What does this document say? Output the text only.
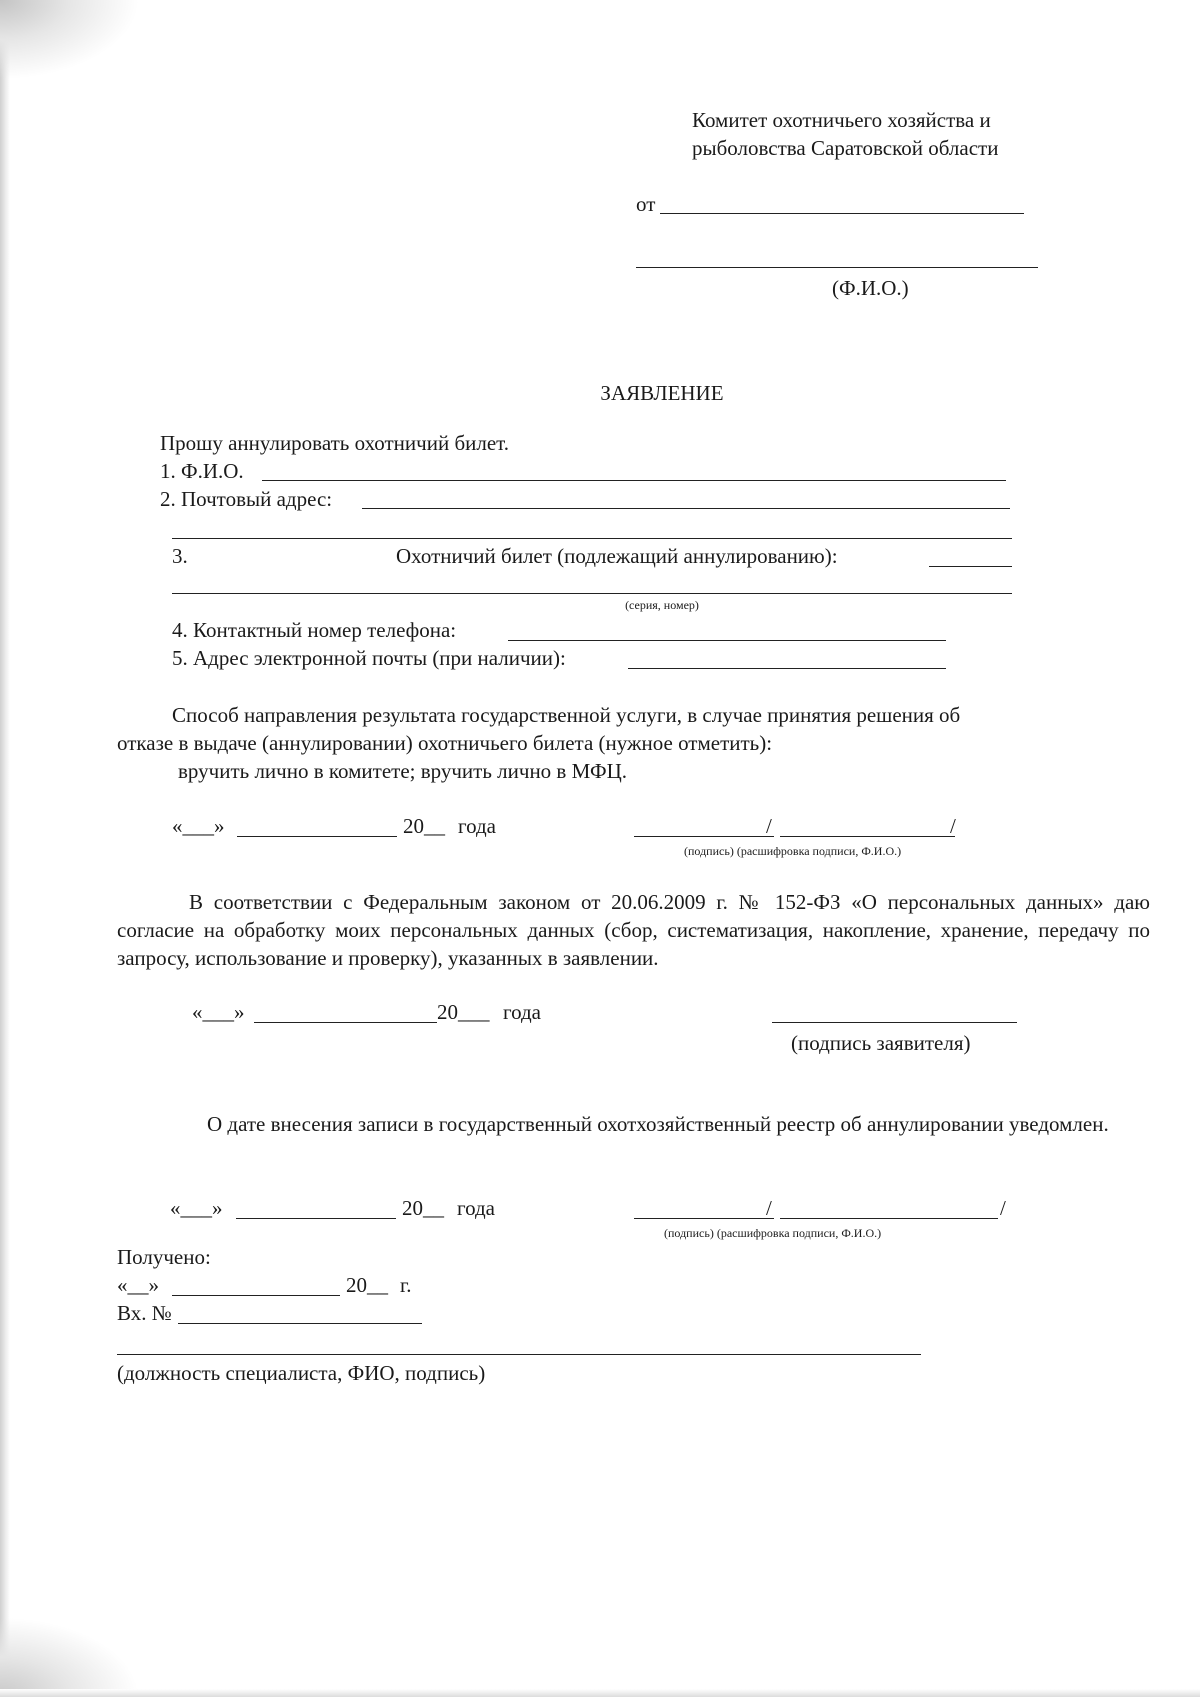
Комитет охотничьего хозяйства и
рыболовства Саратовской области
от
(Ф.И.О.)
ЗАЯВЛЕНИЕ
Прошу аннулировать охотничий билет.
1. Ф.И.О.
2. Почтовый адрес:
3.	Охотничий билет (подлежащий аннулированию):
(серия, номер)
4. Контактный номер телефона:
5. Адрес электронной почты (при наличии):
Способ направления результата государственной услуги, в случае принятия решения об
отказе в выдаче (аннулировании) охотничьего билета (нужное отметить):
вручить лично в комитете; вручить лично в МФЦ.
«___»	20__ года	/	/
(подпись) (расшифровка подписи, Ф.И.О.)
В соответствии с Федеральным законом от 20.06.2009 г. № 152-ФЗ «О персональных данных» даю согласие на обработку моих персональных данных (сбор, систематизация, накопление, хранение, передачу по запросу, использование и проверку), указанных в заявлении.
«___»	20___ года
(подпись заявителя)
О дате внесения записи в государственный охотхозяйственный реестр об аннулировании уведомлен.
«___»	20__ года	/	/
(подпись) (расшифровка подписи, Ф.И.О.)
Получено:
«__»	20__ г.
Вх. №
(должность специалиста, ФИО, подпись)
